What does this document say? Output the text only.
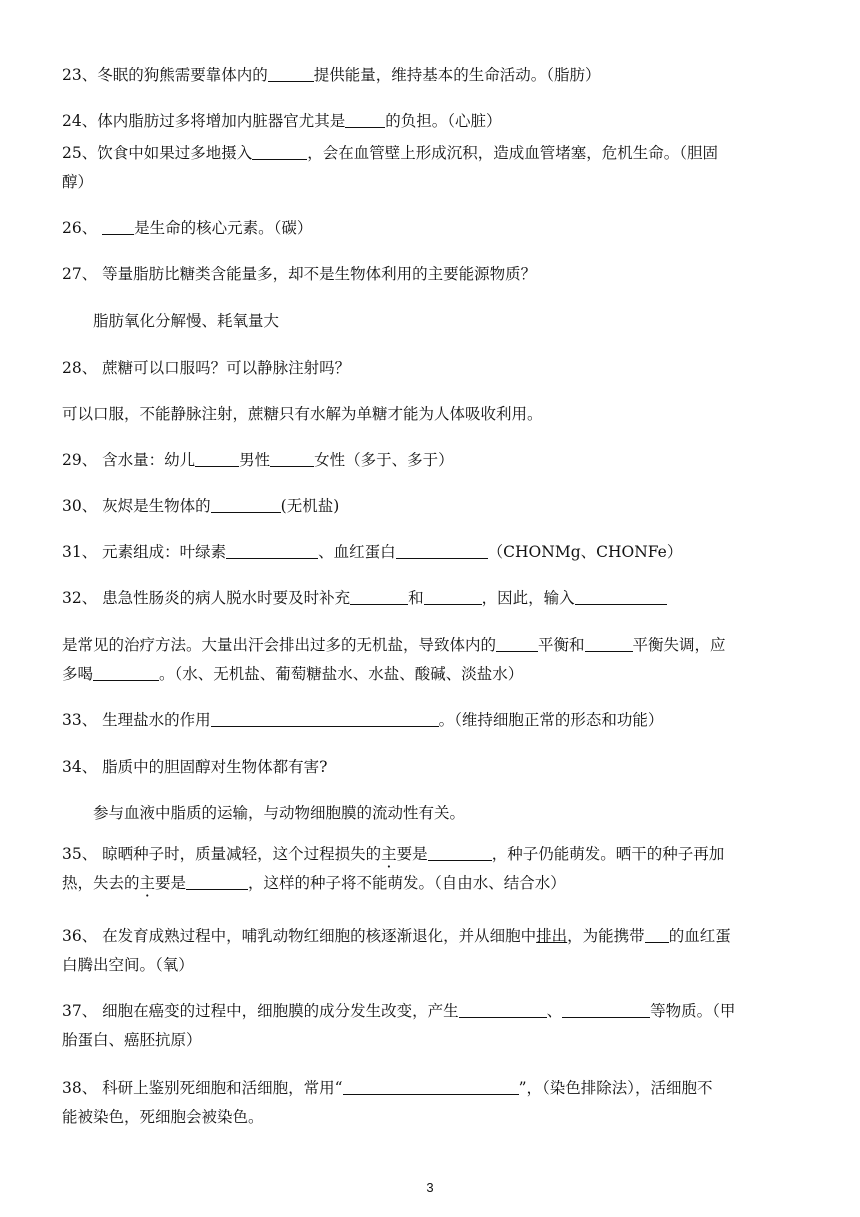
23、冬眠的狗熊需要靠体内的	提供能量，维持基本的生命活动。（脂肪）
24、体内脂肪过多将增加内脏器官尤其是	的负担。（心脏）
25、饮食中如果过多地摄入	，会在血管壁上形成沉积，造成血管堵塞，危机生命。（胆固
醇）
26、 是生命的核心元素。（碳）
27、 等量脂肪比糖类含能量多，却不是生物体利用的主要能源物质？
脂肪氧化分解慢、耗氧量大
28、 蔗糖可以口服吗？可以静脉注射吗？
可以口服，不能静脉注射，蔗糖只有水解为单糖才能为人体吸收利用。
29、 含水量：幼儿	男性	女性（多于、多于）
30、 灰烬是生物体的	(无机盐)
31、 元素组成：叶绿素	、血红蛋白	（CHONMg、CHONFe）
32、 患急性肠炎的病人脱水时要及时补充	和	，因此，输入
是常见的治疗方法。大量出汗会排出过多的无机盐，导致体内的	平衡和	平衡失调，应
多喝	。（水、无机盐、葡萄糖盐水、水盐、酸碱、淡盐水）
33、 生理盐水的作用	。（维持细胞正常的形态和功能）
34、 脂质中的胆固醇对生物体都有害?
参与血液中脂质的运输，与动物细胞膜的流动性有关。
35、 晾晒种子时，质量减轻，这个过程损失的主要是	，种子仍能萌发。晒干的种子再加
热，失去的主要是	，这样的种子将不能萌发。（自由水、结合水）
36、 在发育成熟过程中，哺乳动物红细胞的核逐渐退化，并从细胞中排出，为能携带 的血红蛋
白腾出空间。（氧）
37、 细胞在癌变的过程中，细胞膜的成分发生改变，产生	、	等物质。（甲
胎蛋白、癌胚抗原）
38、 科研上鉴别死细胞和活细胞，常用“	”，（染色排除法），活细胞不
能被染色，死细胞会被染色。
3
